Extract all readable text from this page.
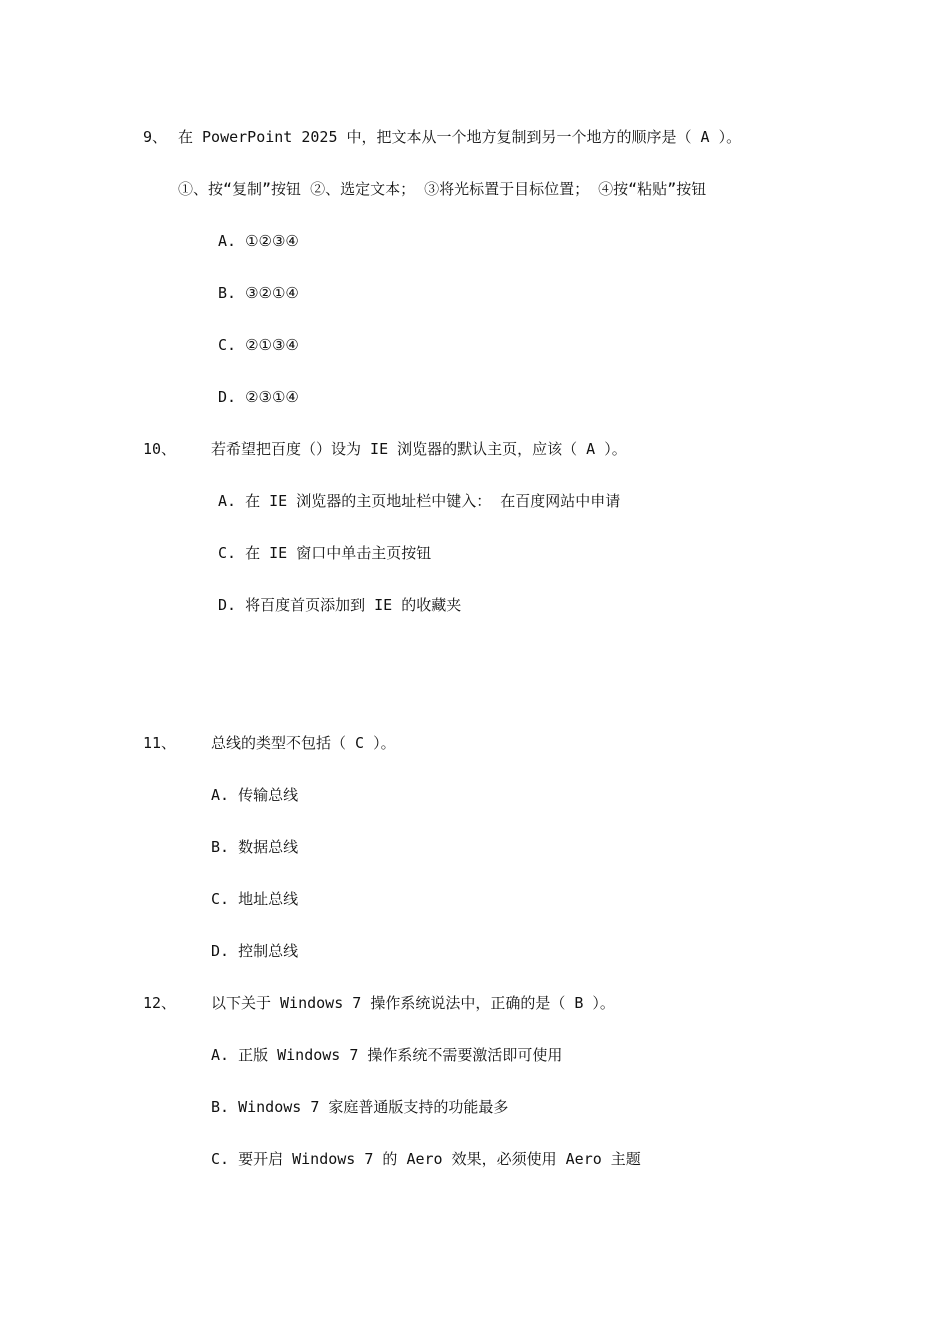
9、 在 PowerPoint 2025 中，把文本从一个地方复制到另一个地方的顺序是（ A ）。
①、按“复制”按钮 ②、选定文本； ③将光标置于目标位置； ④按“粘贴”按钮
A. ①②③④
B. ③②①④
C. ②①③④
D. ②③①④
10、 若希望把百度（）设为 IE 浏览器的默认主页，应该（ A ）。
A. 在 IE 浏览器的主页地址栏中键入： 在百度网站中申请
C. 在 IE 窗口中单击主页按钮
D. 将百度首页添加到 IE 的收藏夹
11、 总线的类型不包括（ C ）。
A. 传输总线
B. 数据总线
C. 地址总线
D. 控制总线
12、 以下关于 Windows 7 操作系统说法中，正确的是（ B ）。
A. 正版 Windows 7 操作系统不需要激活即可使用
B. Windows 7 家庭普通版支持的功能最多
C. 要开启 Windows 7 的 Aero 效果，必须使用 Aero 主题
